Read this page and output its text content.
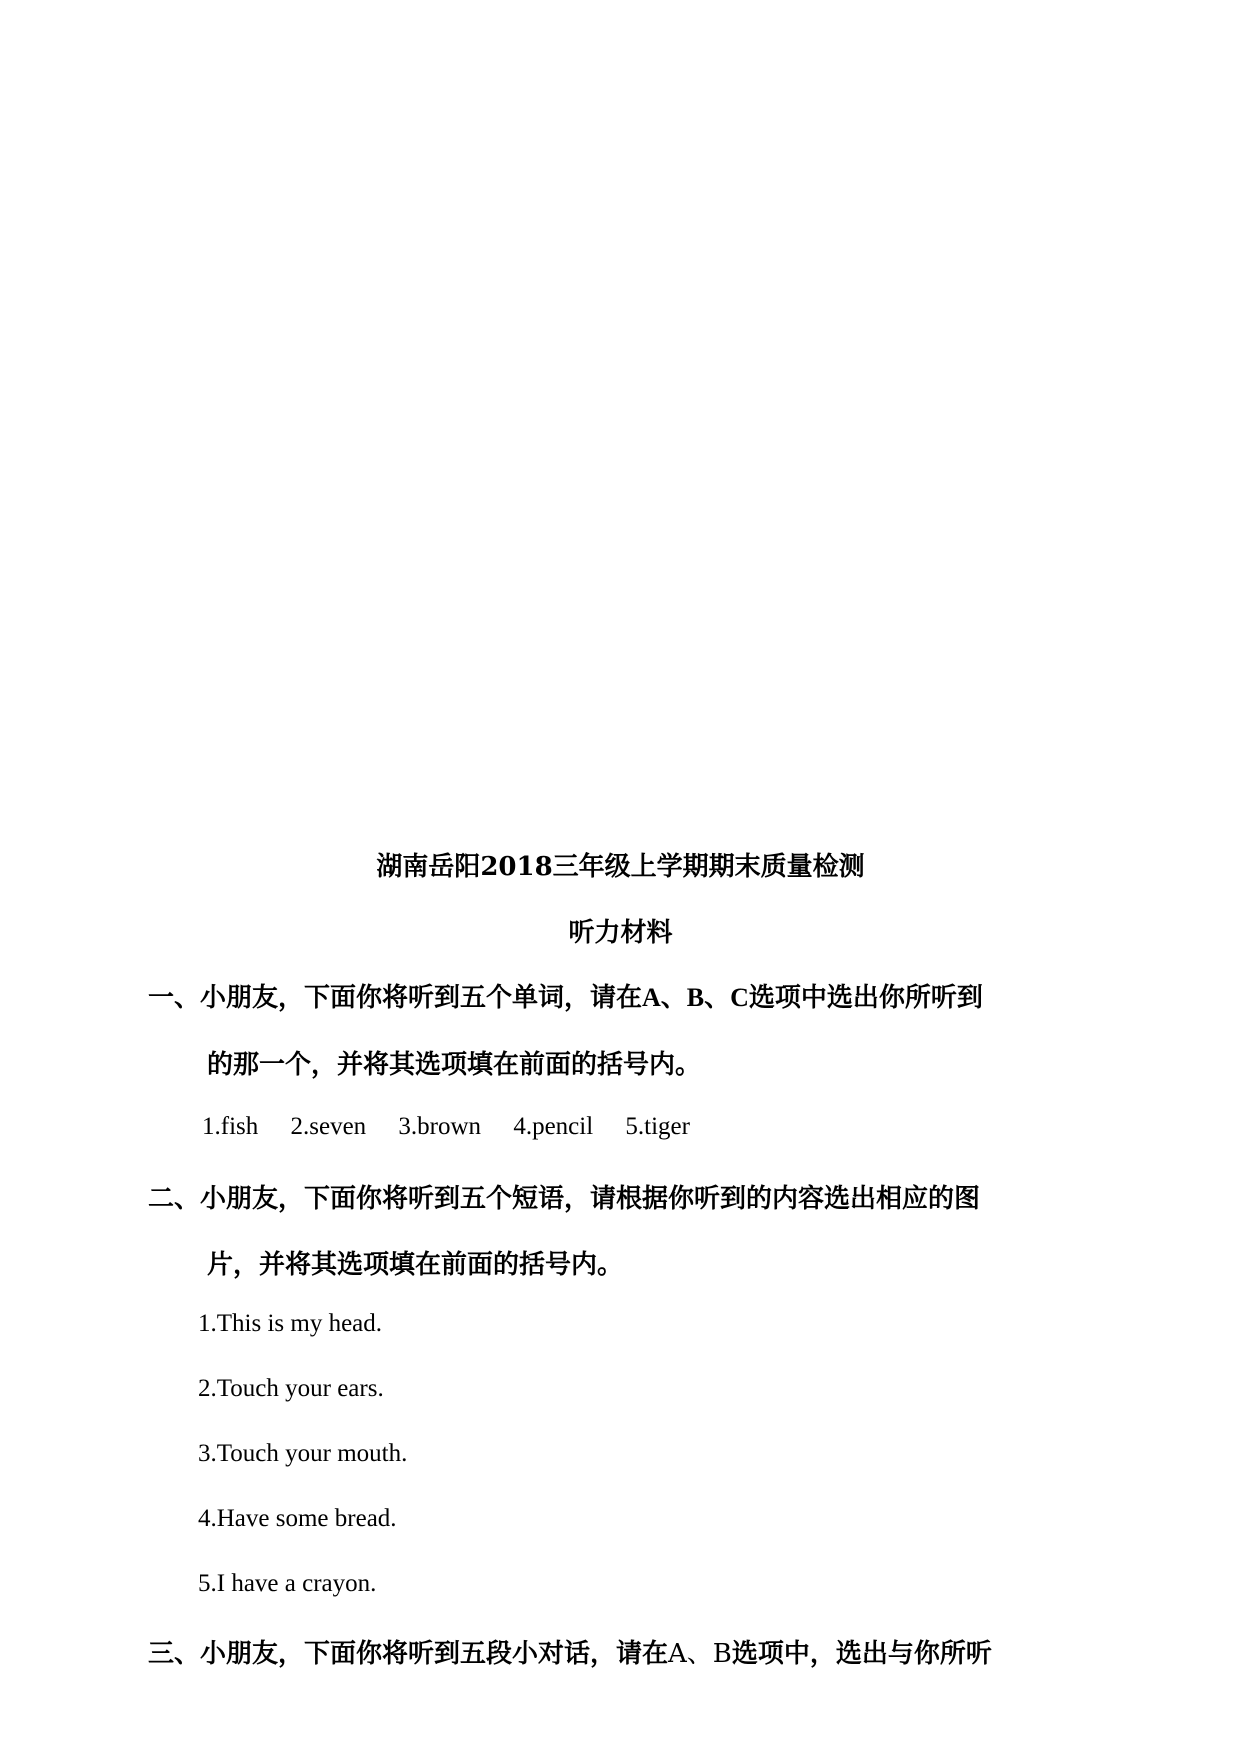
湖南岳阳2018三年级上学期期末质量检测
听力材料
一、小朋友，下面你将听到五个单词，请在A、B、C选项中选出你所听到
的那一个，并将其选项填在前面的括号内。
1.fish 2.seven 3.brown 4.pencil 5.tiger
二、小朋友，下面你将听到五个短语，请根据你听到的内容选出相应的图
片，并将其选项填在前面的括号内。
1.This is my head.
2.Touch your ears.
3.Touch your mouth.
4.Have some bread.
5.I have a crayon.
三、小朋友，下面你将听到五段小对话，请在A、B选项中，选出与你所听
